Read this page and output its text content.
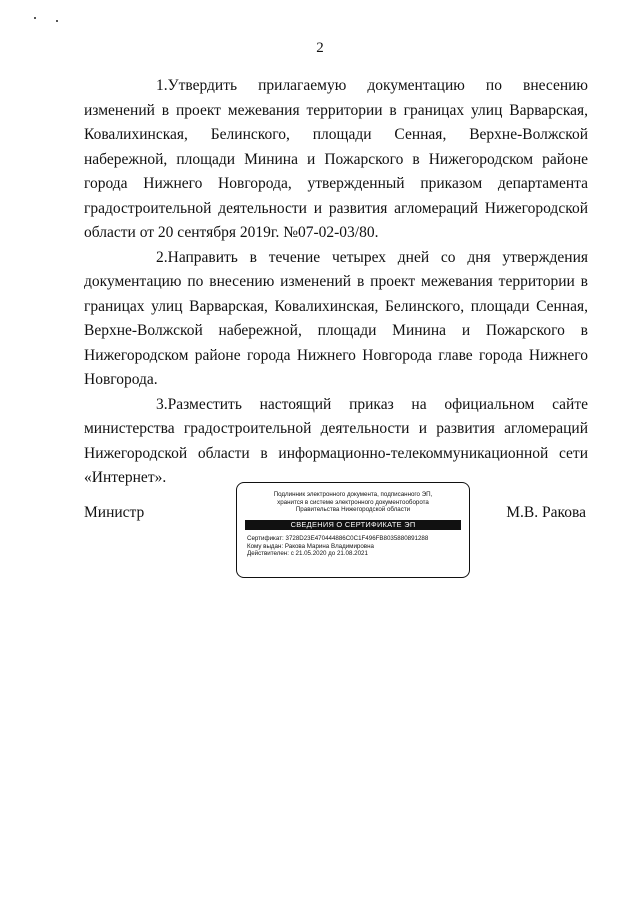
2

1.Утвердить прилагаемую документацию по внесению изменений в проект межевания территории в границах улиц Варварская, Ковалихинская, Белинского, площади Сенная, Верхне-Волжской набережной, площади Минина и Пожарского в Нижегородском районе города Нижнего Новгорода, утвержденный приказом департамента градостроительной деятельности и развития агломераций Нижегородской области от 20 сентября 2019г. №07-02-03/80.

2.Направить в течение четырех дней со дня утверждения документацию по внесению изменений в проект межевания территории в границах улиц Варварская, Ковалихинская, Белинского, площади Сенная, Верхне-Волжской набережной, площади Минина и Пожарского в Нижегородском районе города Нижнего Новгорода главе города Нижнего Новгорода.

3.Разместить настоящий приказ на официальном сайте министерства градостроительной деятельности и развития агломераций Нижегородской области в информационно-телекоммуникационной сети «Интернет».

Министр
Подлинник электронного документа, подписанного ЭП,
хранится в системе электронного документооборота
Правительства Нижегородской области
СВЕДЕНИЯ О СЕРТИФИКАТЕ ЭП
Сертификат: 3728D23E470444886C0C1F496FB8035880891288
Кому выдан: Ракова Марина Владимировна
Действителен: с 21.05.2020 до 21.08.2021
М.В. Ракова
